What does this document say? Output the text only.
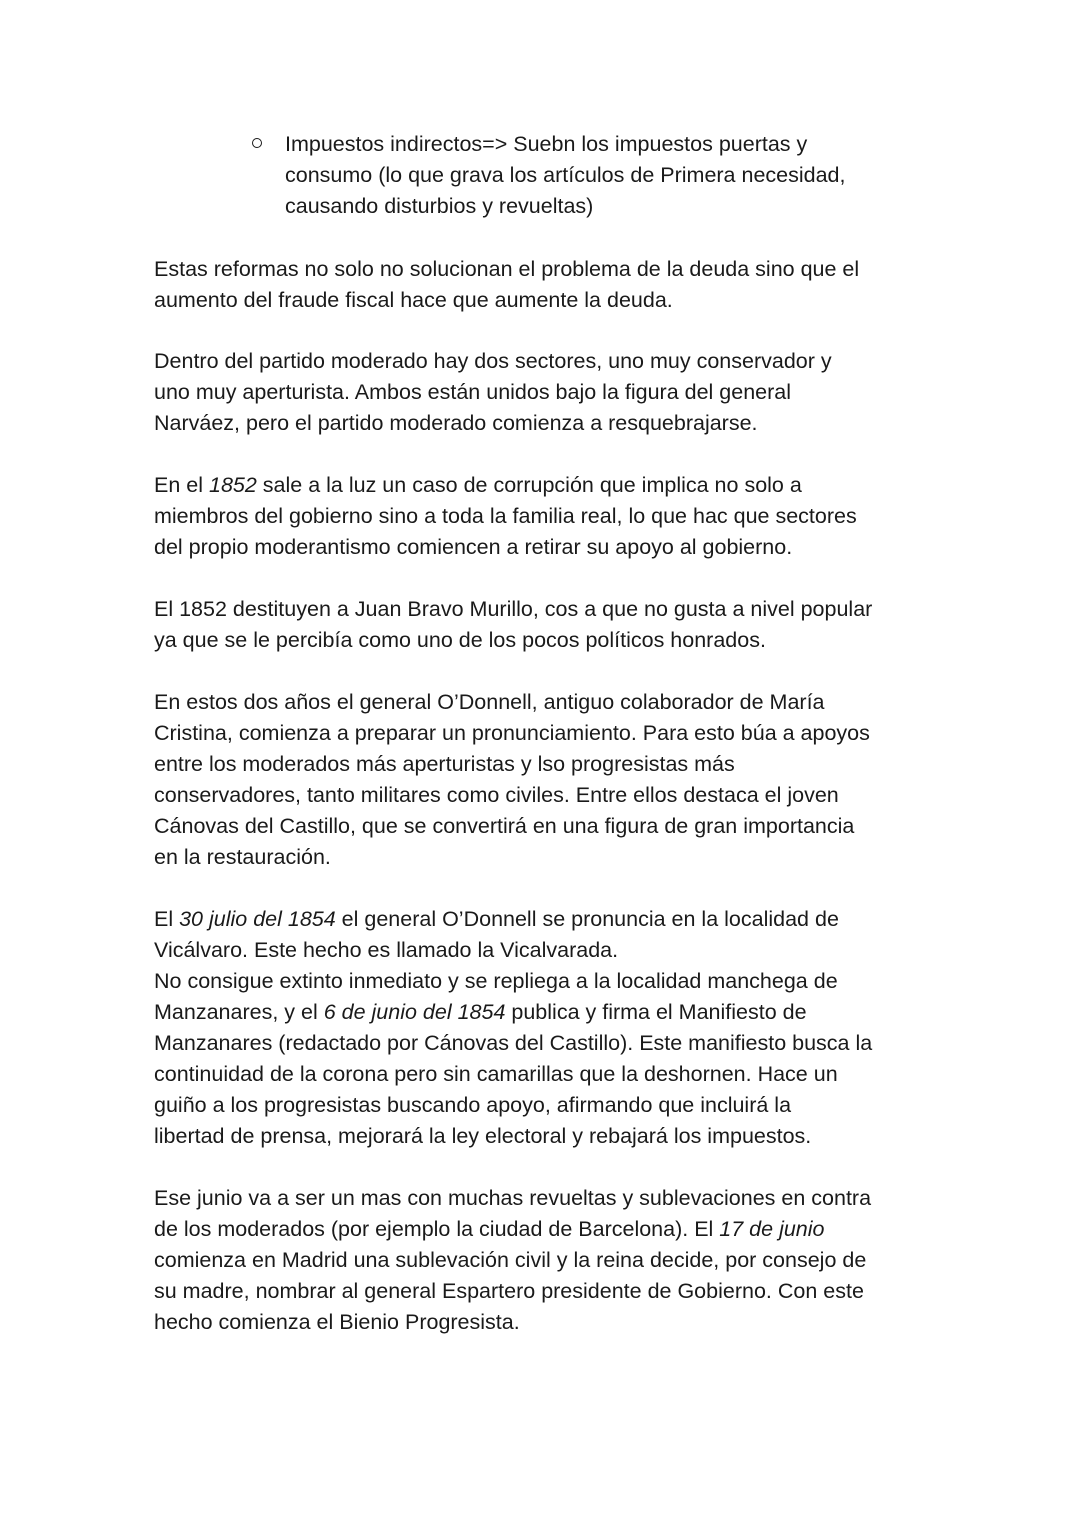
Impuestos indirectos=> Suebn los impuestos puertas y
consumo (lo que grava los artículos de Primera necesidad,
causando disturbios y revueltas)

Estas reformas no solo no solucionan el problema de la deuda sino que el
aumento del fraude fiscal hace que aumente la deuda.

Dentro del partido moderado hay dos sectores, uno muy conservador y
uno muy aperturista. Ambos están unidos bajo la figura del general
Narváez, pero el partido moderado comienza a resquebrajarse.

En el 1852 sale a la luz un caso de corrupción que implica no solo a
miembros del gobierno sino a toda la familia real, lo que hac que sectores
del propio moderantismo comiencen a retirar su apoyo al gobierno.

El 1852 destituyen a Juan Bravo Murillo, cos a que no gusta a nivel popular
ya que se le percibía como uno de los pocos políticos honrados.

En estos dos años el general O’Donnell, antiguo colaborador de María
Cristina, comienza a preparar un pronunciamiento. Para esto búa a apoyos
entre los moderados más aperturistas y lso progresistas más
conservadores, tanto militares como civiles. Entre ellos destaca el joven
Cánovas del Castillo, que se convertirá en una figura de gran importancia
en la restauración.

El 30 julio del 1854 el general O’Donnell se pronuncia en la localidad de
Vicálvaro. Este hecho es llamado la Vicalvarada.
No consigue extinto inmediato y se repliega a la localidad manchega de
Manzanares, y el 6 de junio del 1854 publica y firma el Manifiesto de
Manzanares (redactado por Cánovas del Castillo). Este manifiesto busca la
continuidad de la corona pero sin camarillas que la deshornen. Hace un
guiño a los progresistas buscando apoyo, afirmando que incluirá la
libertad de prensa, mejorará la ley electoral y rebajará los impuestos.

Ese junio va a ser un mas con muchas revueltas y sublevaciones en contra
de los moderados (por ejemplo la ciudad de Barcelona). El 17 de junio
comienza en Madrid una sublevación civil y la reina decide, por consejo de
su madre, nombrar al general Espartero presidente de Gobierno. Con este
hecho comienza el Bienio Progresista.
